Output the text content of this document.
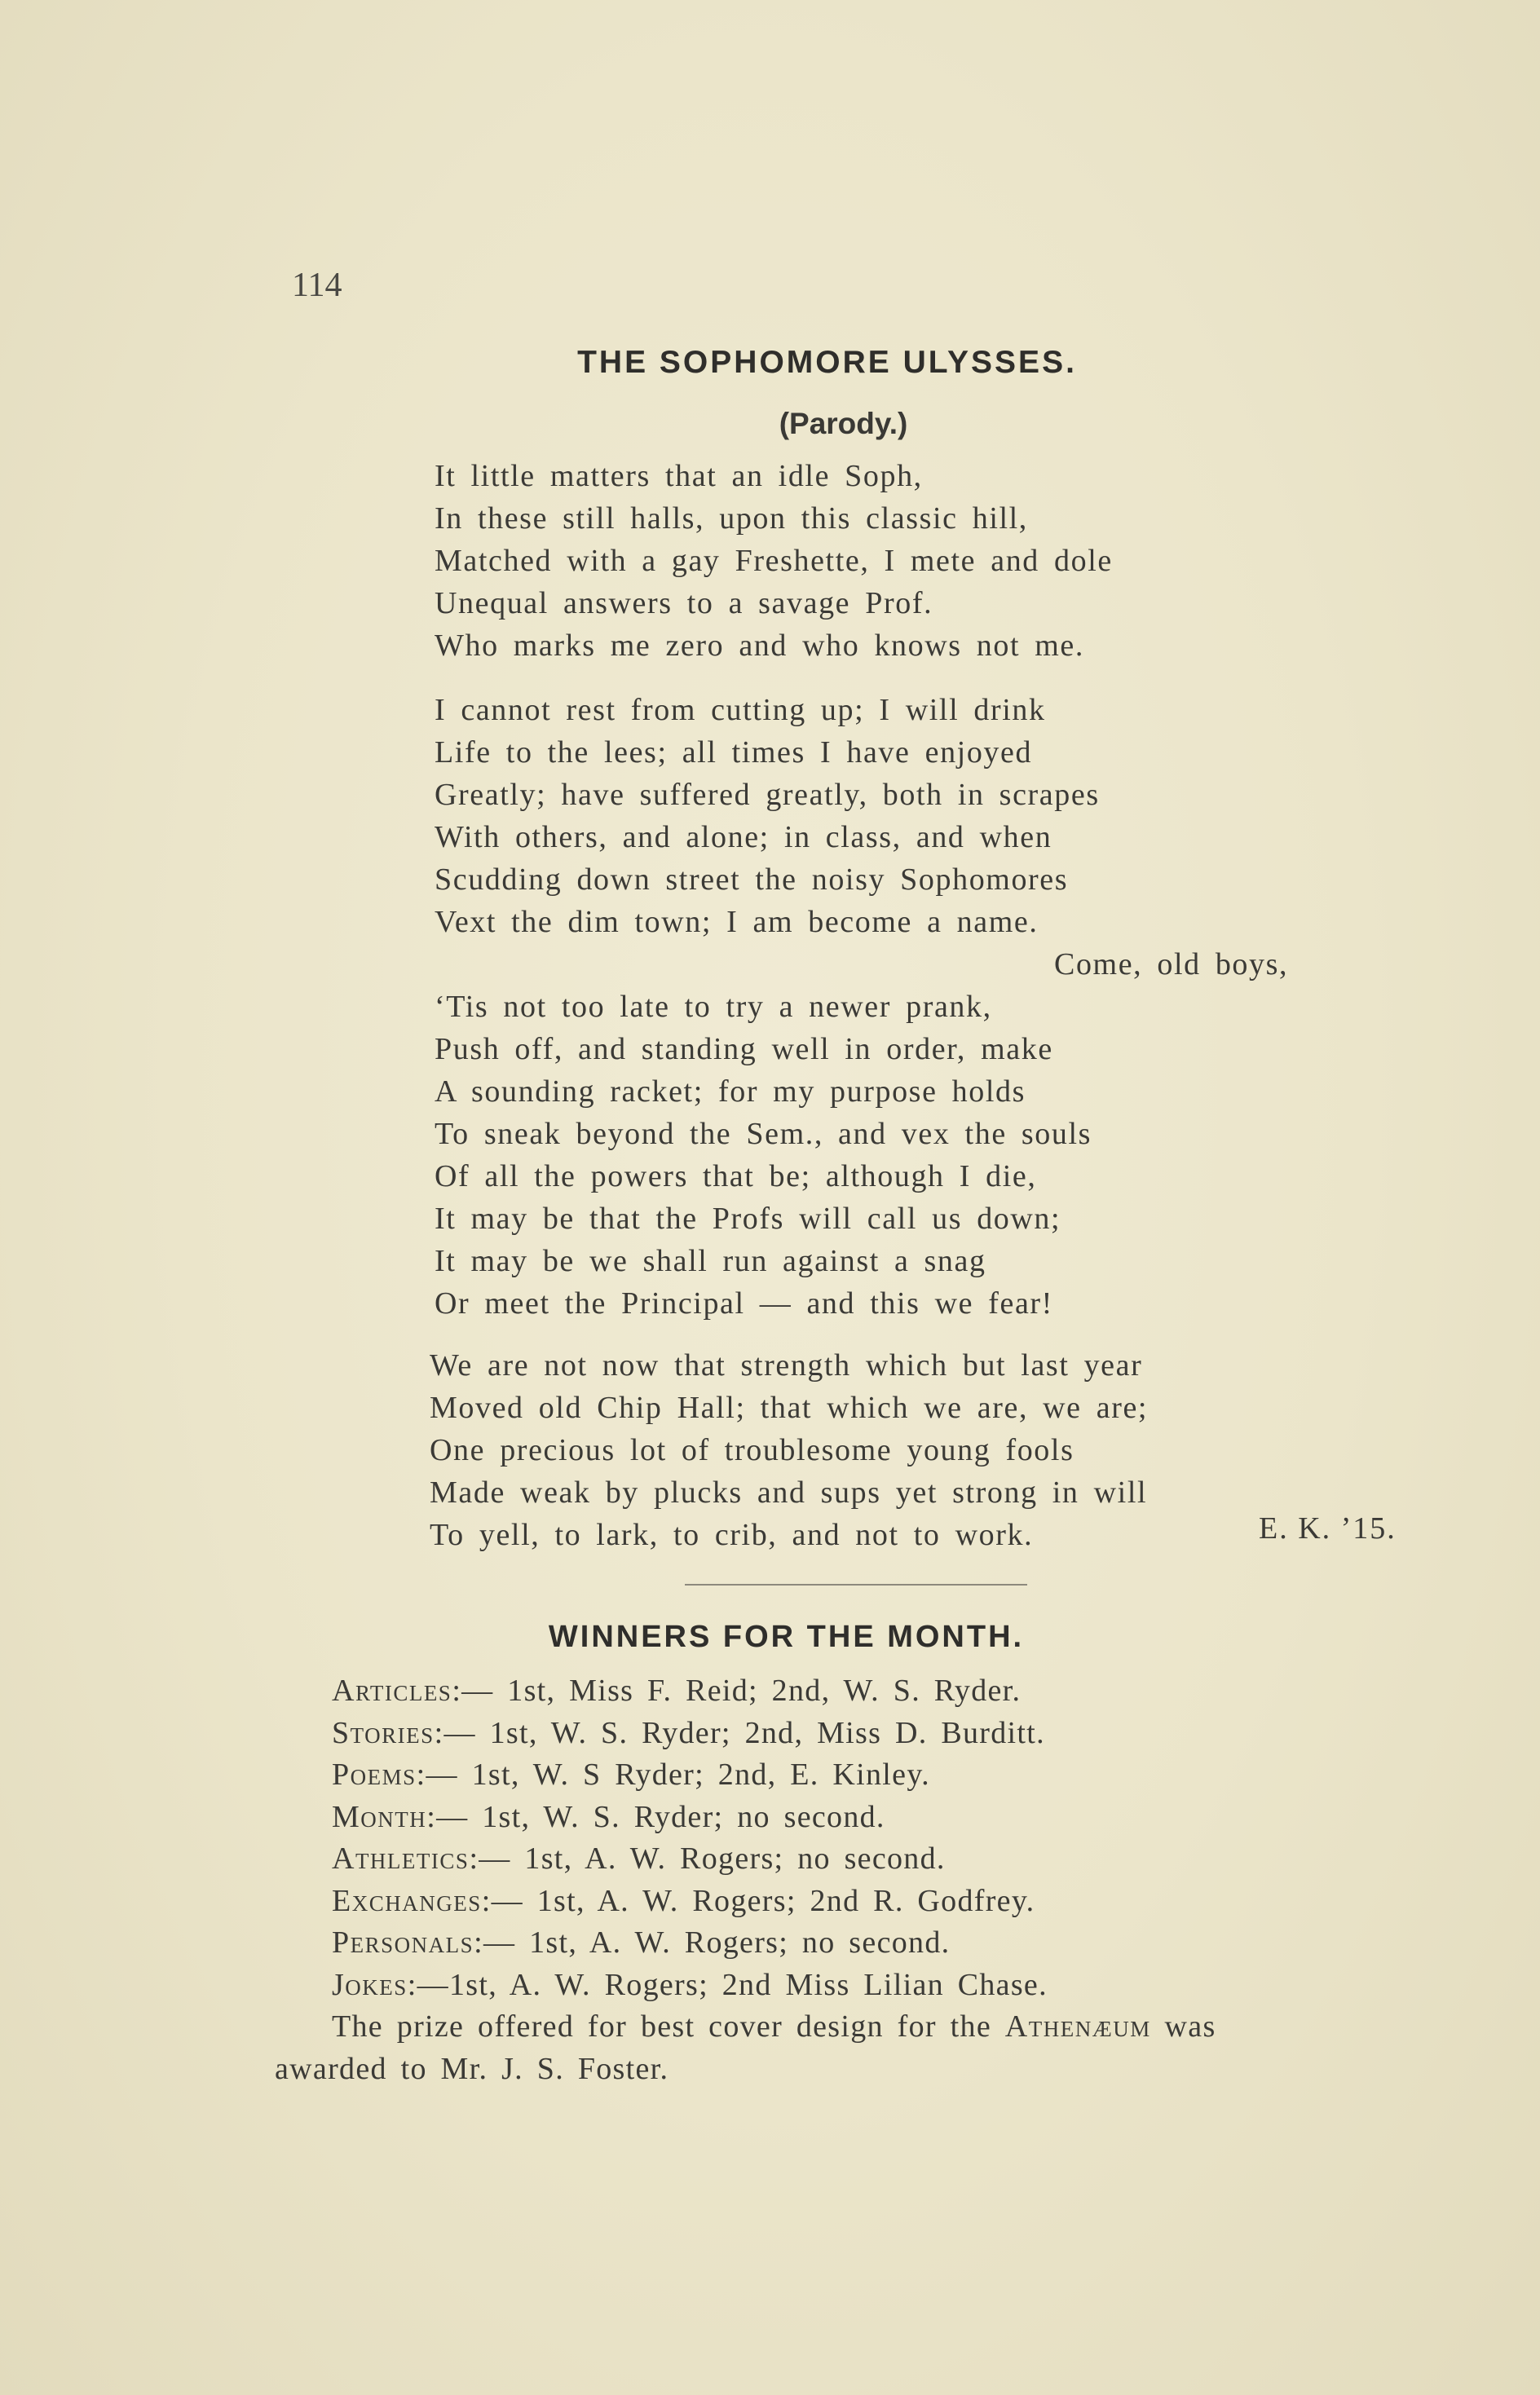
114
THE SOPHOMORE ULYSSES.
(Parody.)
It little matters that an idle Soph,
In these still halls, upon this classic hill,
Matched with a gay Freshette, I mete and dole
Unequal answers to a savage Prof.
Who marks me zero and who knows not me.
I cannot rest from cutting up; I will drink
Life to the lees; all times I have enjoyed
Greatly; have suffered greatly, both in scrapes
With others, and alone; in class, and when
Scudding down street the noisy Sophomores
Vext the dim town; I am become a name.
Come, old boys,
‘Tis not too late to try a newer prank,
Push off, and standing well in order, make
A sounding racket; for my purpose holds
To sneak beyond the Sem., and vex the souls
Of all the powers that be; although I die,
It may be that the Profs will call us down;
It may be we shall run against a snag
Or meet the Principal — and this we fear!
We are not now that strength which but last year
Moved old Chip Hall; that which we are, we are;
One precious lot of troublesome young fools
Made weak by plucks and sups yet strong in will
To yell, to lark, to crib, and not to work.	E. K. ’15.
WINNERS FOR THE MONTH.
Articles:— 1st, Miss F. Reid; 2nd, W. S. Ryder.
Stories:— 1st, W. S. Ryder; 2nd, Miss D. Burditt.
Poems:— 1st, W. S Ryder; 2nd, E. Kinley.
Month:— 1st, W. S. Ryder; no second.
Athletics:— 1st, A. W. Rogers; no second.
Exchanges:— 1st, A. W. Rogers; 2nd R. Godfrey.
Personals:— 1st, A. W. Rogers; no second.
Jokes:—1st, A. W. Rogers; 2nd Miss Lilian Chase.
The prize offered for best cover design for the Athenæum was
awarded to Mr. J. S. Foster.
